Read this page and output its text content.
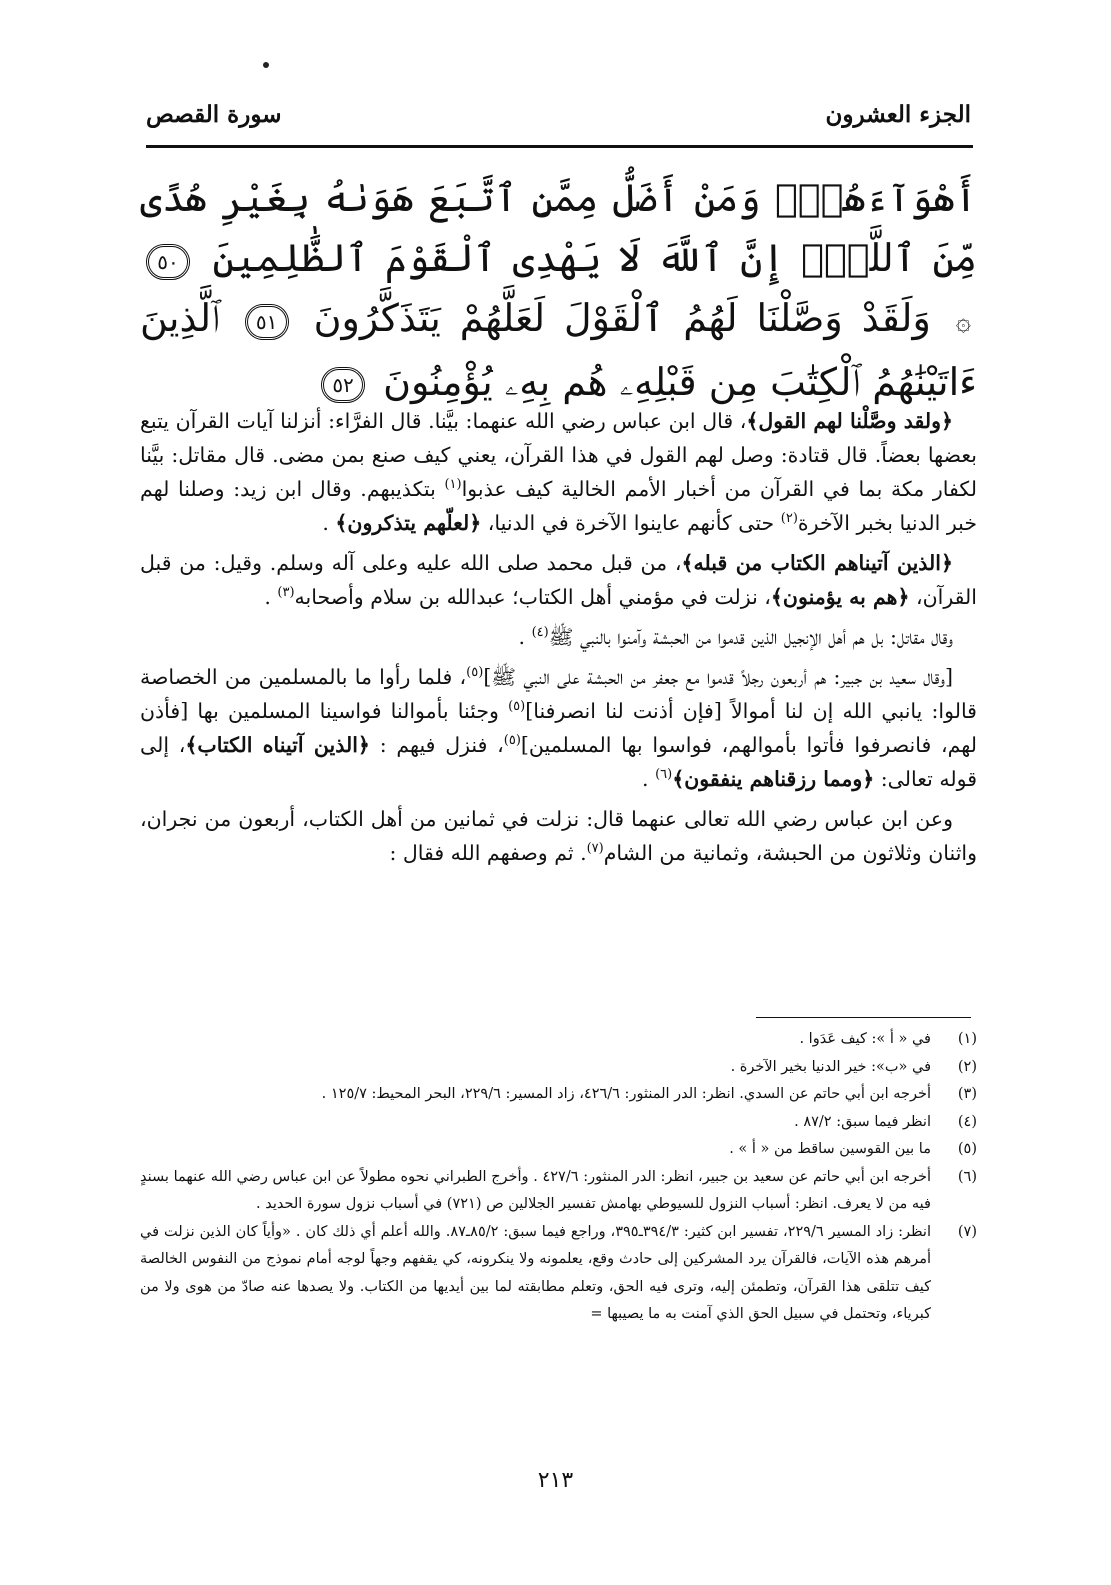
الجزء العشرون
سورة القصص
أَهْوَآءَهُمْۚ وَمَنْ أَضَلُّ مِمَّنِ ٱتَّبَعَ هَوَىٰهُ بِغَيْرِ هُدًى مِّنَ ٱللَّهِۚ إِنَّ ٱللَّهَ لَا يَهْدِى ٱلْقَوْمَ ٱلظَّٰلِمِينَ ٥٠ ۞ وَلَقَدْ وَصَّلْنَا لَهُمُ ٱلْقَوْلَ لَعَلَّهُمْ يَتَذَكَّرُونَ ٥١ ٱلَّذِينَ ءَاتَيْنَٰهُمُ ٱلْكِتَٰبَ مِن قَبْلِهِۦ هُم بِهِۦ يُؤْمِنُونَ ٥٢

﴿ولقد وصَّلْنا لهم القول﴾، قال ابن عباس رضي الله عنهما: بيَّنا. قال الفرَّاء: أنزلنا آيات القرآن يتبع بعضها بعضاً. قال قتادة: وصل لهم القول في هذا القرآن، يعني كيف صنع بمن مضى. قال مقاتل: بيَّنا لكفار مكة بما في القرآن من أخبار الأمم الخالية كيف عذبوا$^{(١)}$ بتكذيبهم. وقال ابن زيد: وصلنا لهم خبر الدنيا بخبر الآخرة$^{(٢)}$ حتى كأنهم عاينوا الآخرة في الدنيا، ﴿لعلّهم يتذكرون﴾ .

﴿الذين آتيناهم الكتاب من قبله﴾، من قبل محمد صلى الله عليه وعلى آله وسلم. وقيل: من قبل القرآن، ﴿هم به يؤمنون﴾، نزلت في مؤمني أهل الكتاب؛ عبدالله بن سلام وأصحابه$^{(٣)}$ .

وقال مقاتل: بل هم أهل الإنجيل الذين قدموا من الحبشة وآمنوا بالنبي ﷺ$^{(٤)}$ .

[وقال سعيد بن جبير: هم أربعون رجلاً قدموا مع جعفر من الحبشة على النبي ﷺ]$^{(٥)}$، فلما رأوا ما بالمسلمين من الخصاصة قالوا: يانبي الله إن لنا أموالاً [فإن أذنت لنا انصرفنا]$^{(٥)}$ وجئنا بأموالنا فواسينا المسلمين بها [فأذن لهم، فانصرفوا فأتوا بأموالهم، فواسوا بها المسلمين]$^{(٥)}$، فنزل فيهم : ﴿الذين آتيناه الكتاب﴾، إلى قوله تعالى: ﴿ومما رزقناهم ينفقون﴾$^{(٦)}$ .

وعن ابن عباس رضي الله تعالى عنهما قال: نزلت في ثمانين من أهل الكتاب، أربعون من نجران، واثنان وثلاثون من الحبشة، وثمانية من الشام$^{(٧)}$. ثم وصفهم الله فقال :

(١)
في « أ »: كيف عَدَوا .
(٢)
في «ب»: خير الدنيا بخير الآخرة .
(٣)
أخرجه ابن أبي حاتم عن السدي. انظر: الدر المنثور: ٤٢٦/٦، زاد المسير: ٢٢٩/٦، البحر المحيط: ١٢٥/٧ .
(٤)
انظر فيما سبق: ٨٧/٢ .
(٥)
ما بين القوسين ساقط من « أ » .
(٦)
أخرجه ابن أبي حاتم عن سعيد بن جبير، انظر: الدر المنثور: ٤٢٧/٦ . وأخرج الطبراني نحوه مطولاً عن ابن عباس رضي الله عنهما بسندٍ فيه من لا يعرف. انظر: أسباب النزول للسيوطي بهامش تفسير الجلالين ص (٧٢١) في أسباب نزول سورة الحديد .
(٧)
انظر: زاد المسير ٢٢٩/٦، تفسير ابن كثير: ٣٩٤/٣ـ٣٩٥، وراجع فيما سبق: ٨٥/٢ـ٨٧. والله أعلم أي ذلك كان . «وأياً كان الذين نزلت في أمرهم هذه الآيات، فالقرآن يرد المشركين إلى حادث وقع، يعلمونه ولا ينكرونه، كي يقفهم وجهاً لوجه أمام نموذج من النفوس الخالصة كيف تتلقى هذا القرآن، وتطمئن إليه، وترى فيه الحق، وتعلم مطابقته لما بين أيديها من الكتاب. ولا يصدها عنه صادّ من هوى ولا من كبرياء، وتحتمل في سبيل الحق الذي آمنت به ما يصيبها =
٢١٣
